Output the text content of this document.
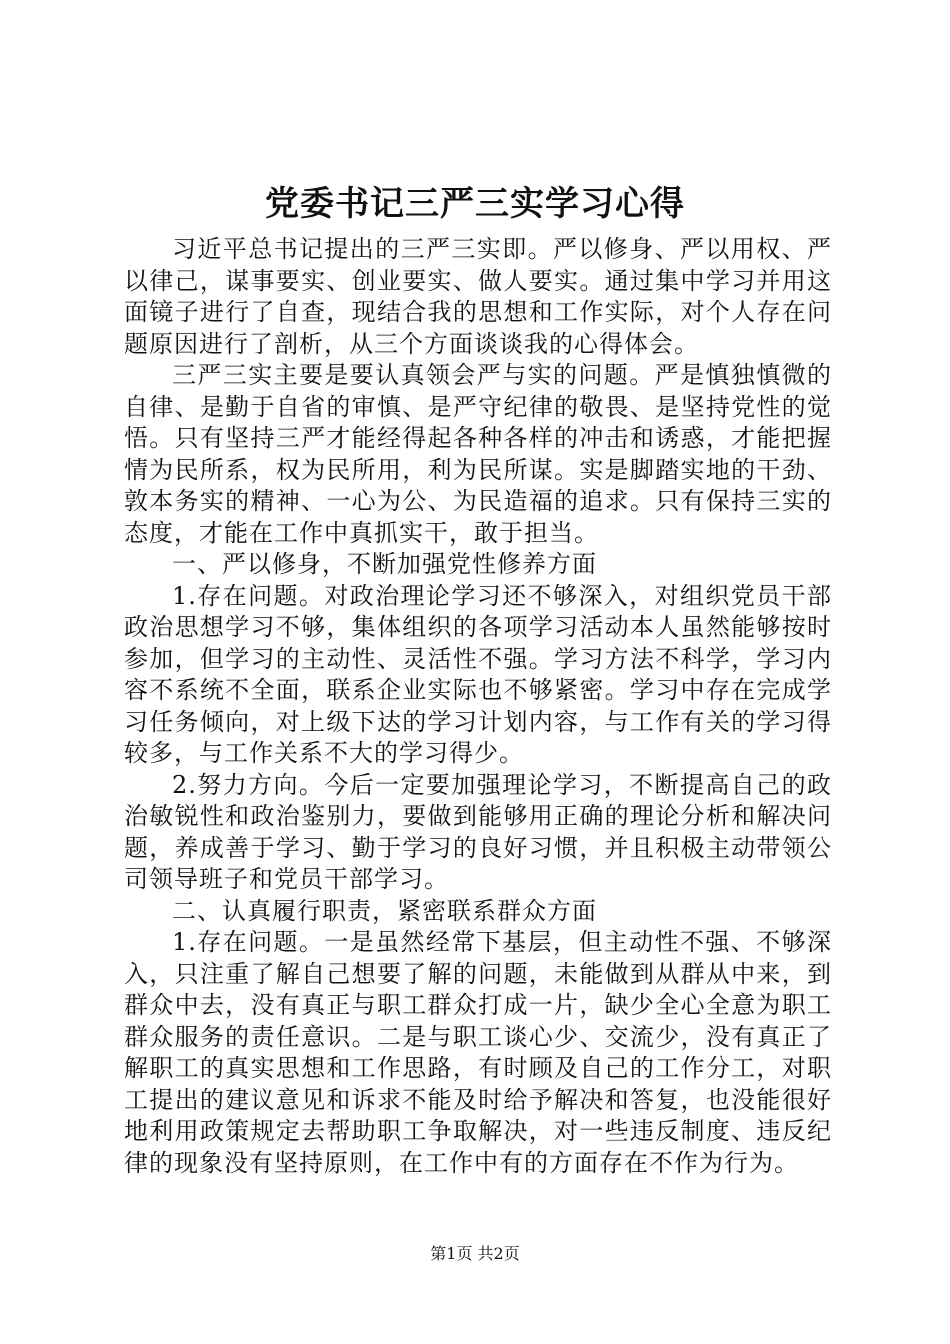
党委书记三严三实学习心得

习近平总书记提出的三严三实即。严以修身、严以用权、严以律己，谋事要实、创业要实、做人要实。通过集中学习并用这面镜子进行了自查，现结合我的思想和工作实际，对个人存在问题原因进行了剖析，从三个方面谈谈我的心得体会。

三严三实主要是要认真领会严与实的问题。严是慎独慎微的自律、是勤于自省的审慎、是严守纪律的敬畏、是坚持党性的觉悟。只有坚持三严才能经得起各种各样的冲击和诱惑，才能把握情为民所系，权为民所用，利为民所谋。实是脚踏实地的干劲、敦本务实的精神、一心为公、为民造福的追求。只有保持三实的态度，才能在工作中真抓实干，敢于担当。

一、严以修身，不断加强党性修养方面

1.存在问题。对政治理论学习还不够深入，对组织党员干部政治思想学习不够，集体组织的各项学习活动本人虽然能够按时参加，但学习的主动性、灵活性不强。学习方法不科学，学习内容不系统不全面，联系企业实际也不够紧密。学习中存在完成学习任务倾向，对上级下达的学习计划内容，与工作有关的学习得较多，与工作关系不大的学习得少。

2.努力方向。今后一定要加强理论学习，不断提高自己的政治敏锐性和政治鉴别力，要做到能够用正确的理论分析和解决问题，养成善于学习、勤于学习的良好习惯，并且积极主动带领公司领导班子和党员干部学习。

二、认真履行职责，紧密联系群众方面

1.存在问题。一是虽然经常下基层，但主动性不强、不够深入，只注重了解自己想要了解的问题，未能做到从群从中来，到群众中去，没有真正与职工群众打成一片，缺少全心全意为职工群众服务的责任意识。二是与职工谈心少、交流少，没有真正了解职工的真实思想和工作思路，有时顾及自己的工作分工，对职工提出的建议意见和诉求不能及时给予解决和答复，也没能很好地利用政策规定去帮助职工争取解决，对一些违反制度、违反纪律的现象没有坚持原则，在工作中有的方面存在不作为行为。

第1页 共2页
